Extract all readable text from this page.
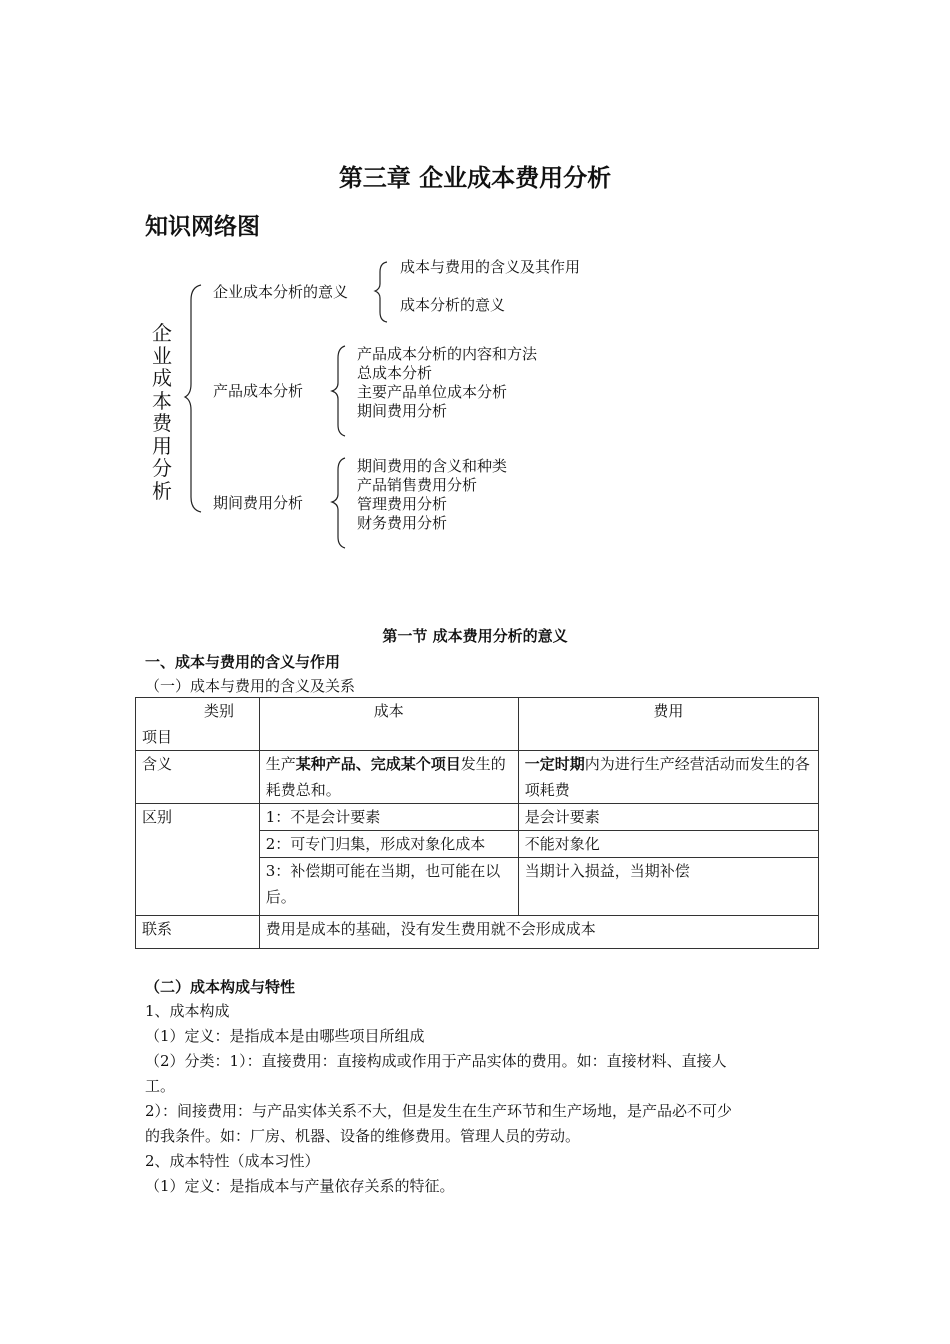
第三章 企业成本费用分析
知识网络图
企业成本费用分析
企业成本分析的意义
成本与费用的含义及其作用
成本分析的意义
产品成本分析
产品成本分析的内容和方法
总成本分析
主要产品单位成本分析
期间费用分析
期间费用分析
期间费用的含义和种类
产品销售费用分析
管理费用分析
财务费用分析
第一节 成本费用分析的意义
一、成本与费用的含义与作用
（一）成本与费用的含义及关系
类别
项目	成本	费用
含义	生产某种产品、完成某个项目发生的耗费总和。	一定时期内为进行生产经营活动而发生的各项耗费
区别	1：不是会计要素	是会计要素
	2：可专门归集，形成对象化成本	不能对象化
	3：补偿期可能在当期，也可能在以后。	当期计入损益，当期补偿
联系	费用是成本的基础，没有发生费用就不会形成成本	
（二）成本构成与特性
1、成本构成
（1）定义：是指成本是由哪些项目所组成
（2）分类：1）：直接费用：直接构成或作用于产品实体的费用。如：直接材料、直接人
工。
2）：间接费用：与产品实体关系不大，但是发生在生产环节和生产场地，是产品必不可少
的我条件。如：厂房、机器、设备的维修费用。管理人员的劳动。
2、成本特性（成本习性）
（1）定义：是指成本与产量依存关系的特征。
